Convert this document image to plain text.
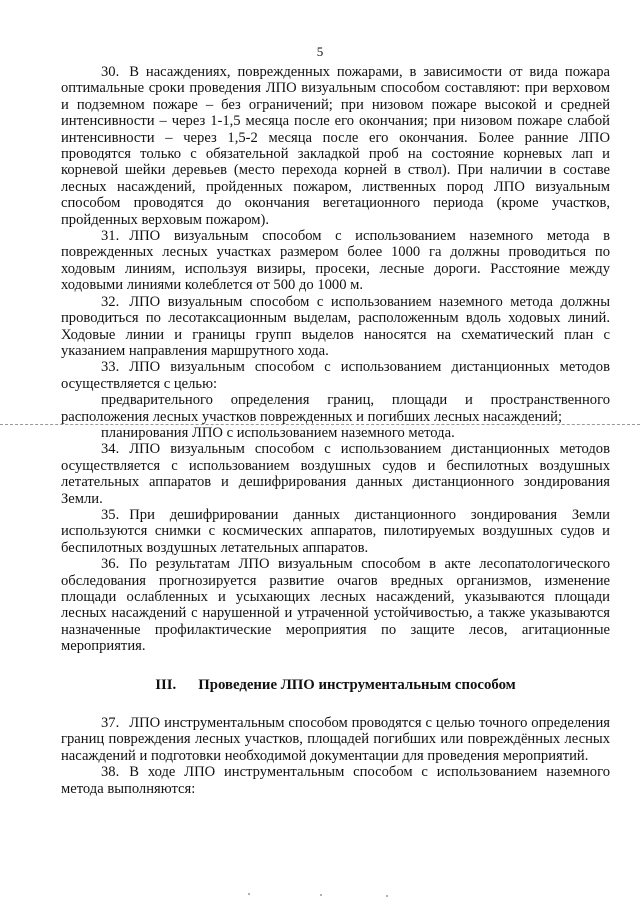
5

30. В насаждениях, поврежденных пожарами, в зависимости от вида пожара оптимальные сроки проведения ЛПО визуальным способом составляют: при верховом и подземном пожаре – без ограничений; при низовом пожаре высокой и средней интенсивности – через 1-1,5 месяца после его окончания; при низовом пожаре слабой интенсивности – через 1,5-2 месяца после его окончания. Более ранние ЛПО проводятся только с обязательной закладкой проб на состояние корневых лап и корневой шейки деревьев (место перехода корней в ствол). При наличии в составе лесных насаждений, пройденных пожаром, лиственных пород ЛПО визуальным способом проводятся до окончания вегетационного периода (кроме участков, пройденных верховым пожаром).

31. ЛПО визуальным способом с использованием наземного метода в поврежденных лесных участках размером более 1000 га должны проводиться по ходовым линиям, используя визиры, просеки, лесные дороги. Расстояние между ходовыми линиями колеблется от 500 до 1000 м.

32. ЛПО визуальным способом с использованием наземного метода должны проводиться по лесотаксационным выделам, расположенным вдоль ходовых линий. Ходовые линии и границы групп выделов наносятся на схематический план с указанием направления маршрутного хода.

33. ЛПО визуальным способом с использованием дистанционных методов осуществляется с целью:

предварительного определения границ, площади и пространственного расположения лесных участков поврежденных и погибших лесных насаждений;

планирования ЛПО с использованием наземного метода.

34. ЛПО визуальным способом с использованием дистанционных методов осуществляется с использованием воздушных судов и беспилотных воздушных летательных аппаратов и дешифрирования данных дистанционного зондирования Земли.

35. При дешифрировании данных дистанционного зондирования Земли используются снимки с космических аппаратов, пилотируемых воздушных судов и беспилотных воздушных летательных аппаратов.

36. По результатам ЛПО визуальным способом в акте лесопатологического обследования прогнозируется развитие очагов вредных организмов, изменение площади ослабленных и усыхающих лесных насаждений, указываются площади лесных насаждений с нарушенной и утраченной устойчивостью, а также указываются назначенные профилактические мероприятия по защите лесов, агитационные мероприятия.

III. Проведение ЛПО инструментальным способом

37. ЛПО инструментальным способом проводятся с целью точного определения границ повреждения лесных участков, площадей погибших или повреждённых лесных насаждений и подготовки необходимой документации для проведения мероприятий.

38. В ходе ЛПО инструментальным способом с использованием наземного метода выполняются:
